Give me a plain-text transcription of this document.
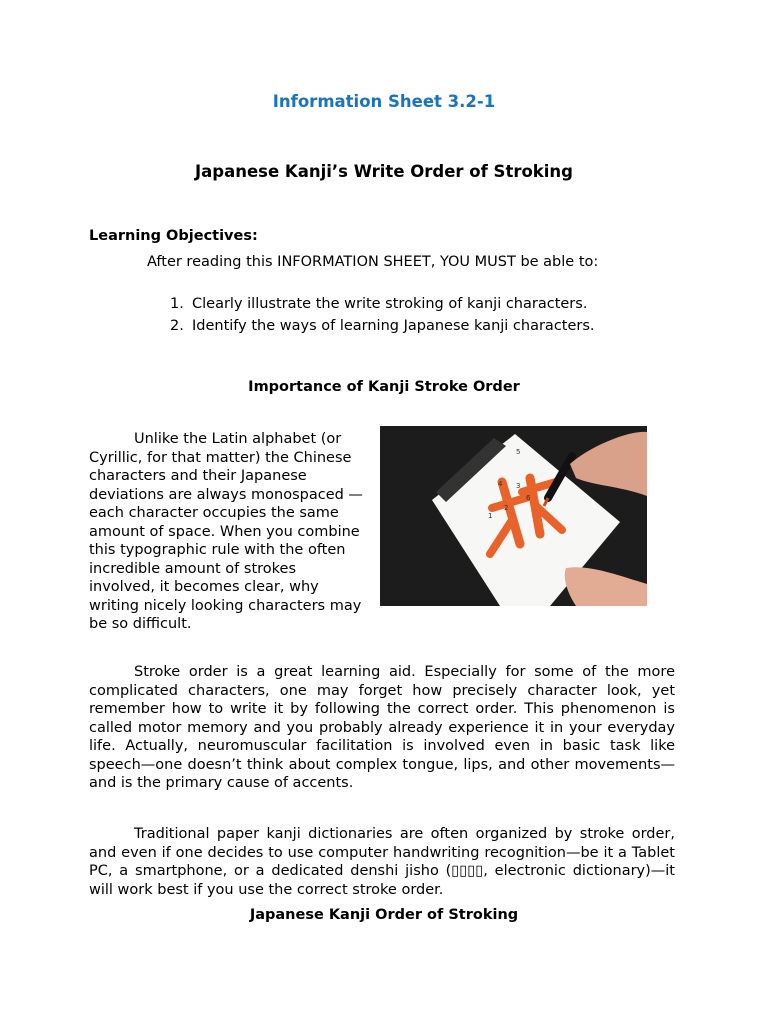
Information Sheet 3.2-1
Japanese Kanji’s Write Order of Stroking
Learning Objectives:
After reading this INFORMATION SHEET, YOU MUST be able to:
1. Clearly illustrate the write stroking of kanji characters.
2. Identify the ways of learning Japanese kanji characters.
Importance of Kanji Stroke Order
Unlike the Latin alphabet (or Cyrillic, for that matter) the Chinese characters and their Japanese deviations are always monospaced — each character occupies the same amount of space. When you combine this typographic rule with the often incredible amount of strokes involved, it becomes clear, why writing nicely looking characters may be so difficult.
1
2
3
4
5
6
Stroke order is a great learning aid. Especially for some of the more complicated characters, one may forget how precisely character look, yet remember how to write it by following the correct order. This phenomenon is called motor memory and you probably already experience it in your everyday life. Actually, neuromuscular facilitation is involved even in basic task like speech—one doesn’t think about complex tongue, lips, and other movements—and is the primary cause of accents.
Traditional paper kanji dictionaries are often organized by stroke order, and even if one decides to use computer handwriting recognition—be it a Tablet PC, a smartphone, or a dedicated denshi jisho (▯▯▯▯, electronic dictionary)—it will work best if you use the correct stroke order.
Japanese Kanji Order of Stroking
